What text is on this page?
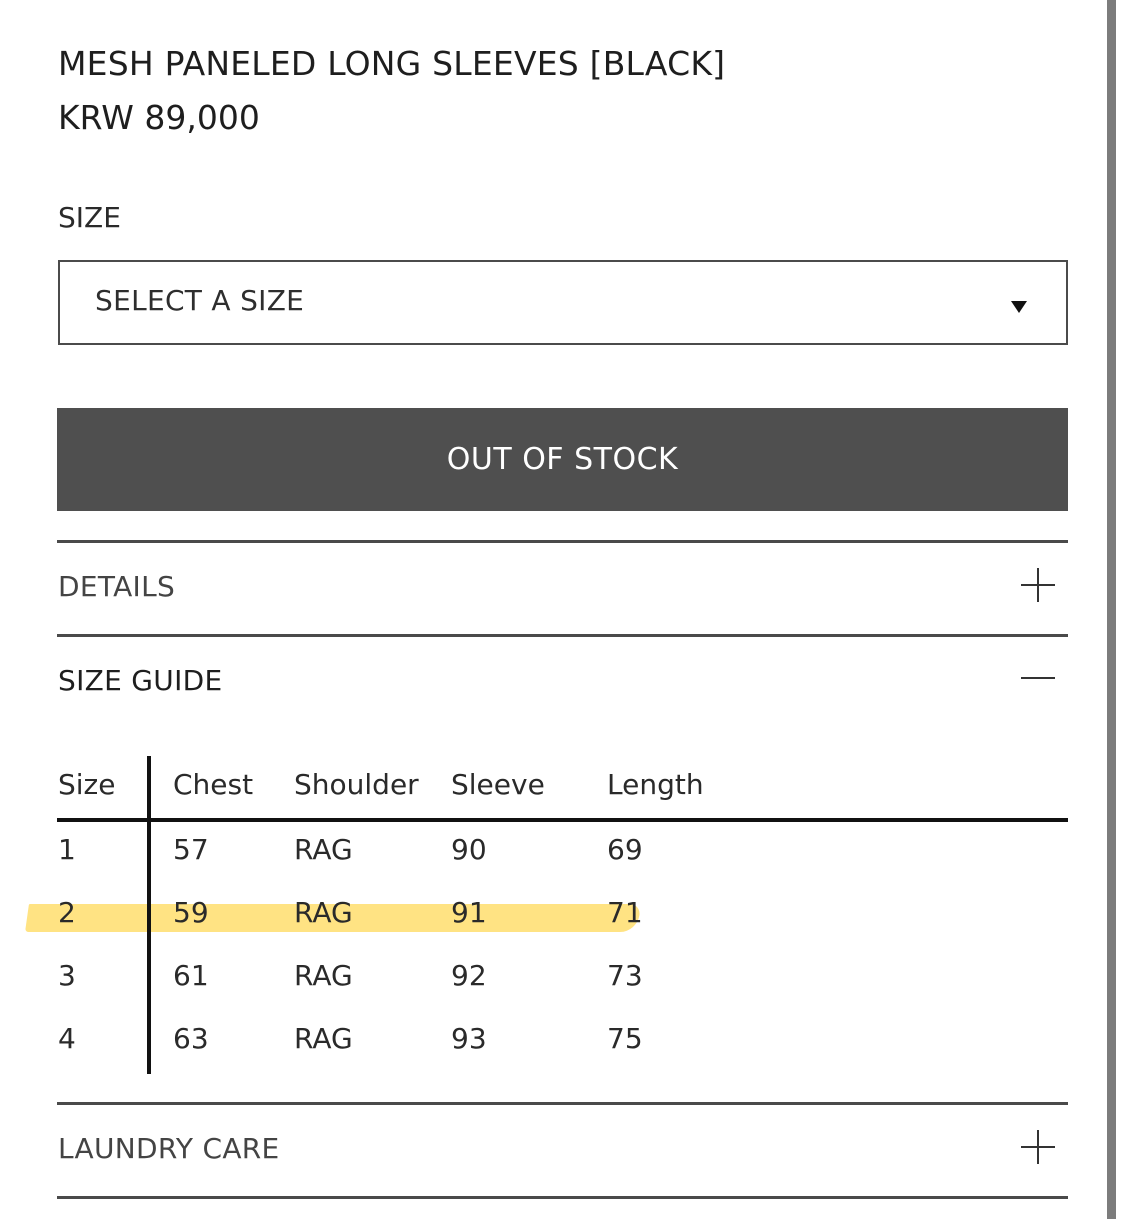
MESH PANELED LONG SLEEVES [BLACK]
KRW 89,000
SIZE
SELECT A SIZE
OUT OF STOCK
DETAILS
SIZE GUIDE
Size Chest Shoulder Sleeve Length
1	57	RAG	90	69
2	59	RAG	91	71
3	61	RAG	92	73
4	63	RAG	93	75
LAUNDRY CARE
